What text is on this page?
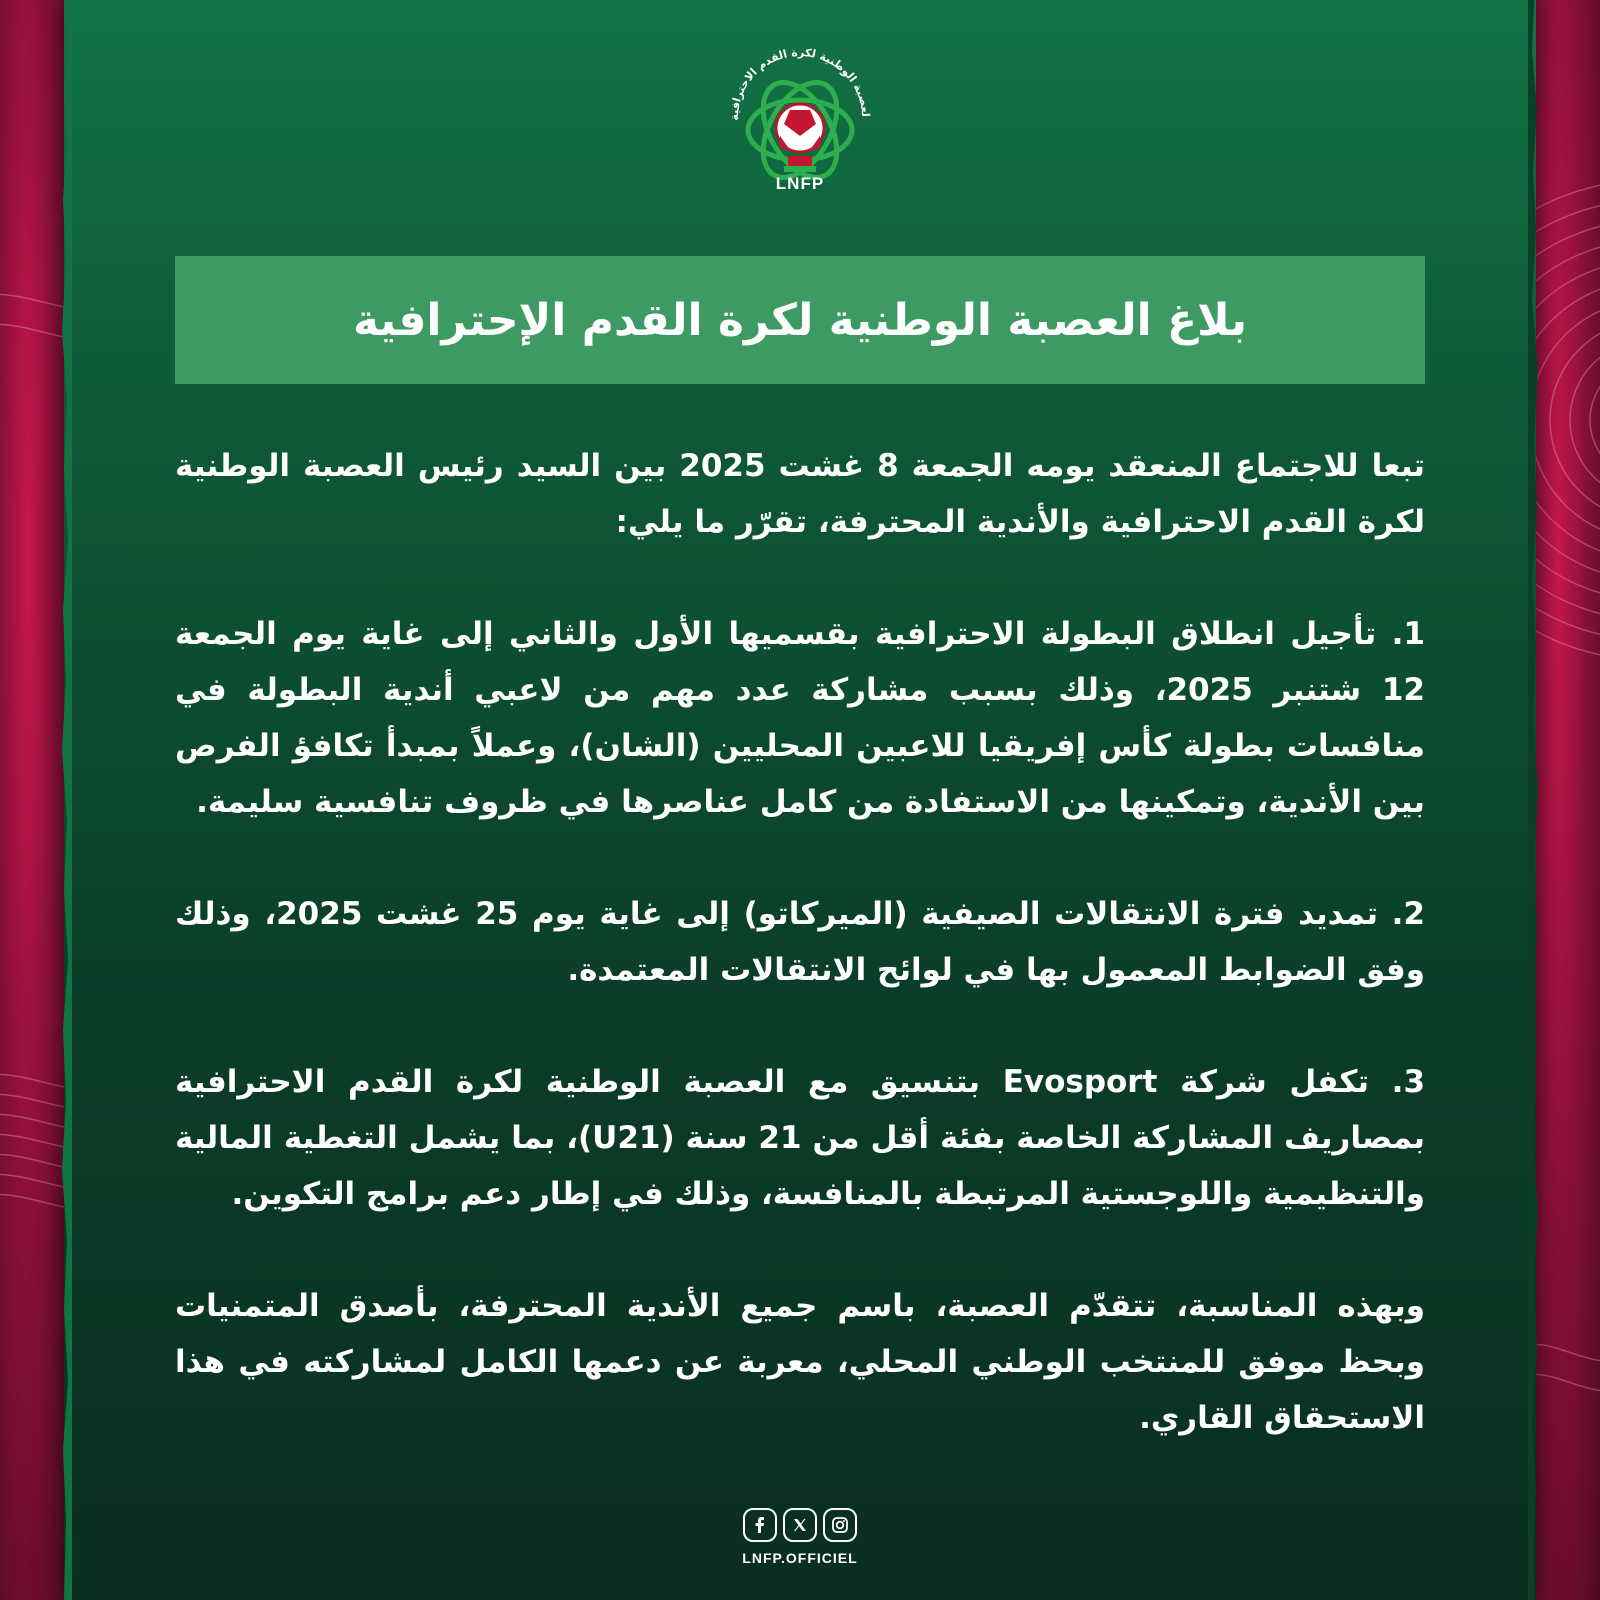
لعصبة الوطنية لكرة القدم الاحترافية
LNFP
بلاغ العصبة الوطنية لكرة القدم الإحترافية

تبعا للاجتماع المنعقد يومه الجمعة 8 غشت 2025 بين السيد رئيس العصبة الوطنية لكرة القدم الاحترافية والأندية المحترفة، تقرّر ما يلي:

1. تأجيل انطلاق البطولة الاحترافية بقسميها الأول والثاني إلى غاية يوم الجمعة 12 شتنبر 2025، وذلك بسبب مشاركة عدد مهم من لاعبي أندية البطولة في منافسات بطولة كأس إفريقيا للاعبين المحليين (الشان)، وعملاً بمبدأ تكافؤ الفرص بين الأندية، وتمكينها من الاستفادة من كامل عناصرها في ظروف تنافسية سليمة.

2. تمديد فترة الانتقالات الصيفية (الميركاتو) إلى غاية يوم 25 غشت 2025، وذلك وفق الضوابط المعمول بها في لوائح الانتقالات المعتمدة.

3. تكفل شركة Evosport بتنسيق مع العصبة الوطنية لكرة القدم الاحترافية بمصاريف المشاركة الخاصة بفئة أقل من 21 سنة (U21)، بما يشمل التغطية المالية والتنظيمية واللوجستية المرتبطة بالمنافسة، وذلك في إطار دعم برامج التكوين.

وبهذه المناسبة، تتقدّم العصبة، باسم جميع الأندية المحترفة، بأصدق المتمنيات وبحظ موفق للمنتخب الوطني المحلي، معربة عن دعمها الكامل لمشاركته في هذا الاستحقاق القاري.

LNFP.OFFICIEL
